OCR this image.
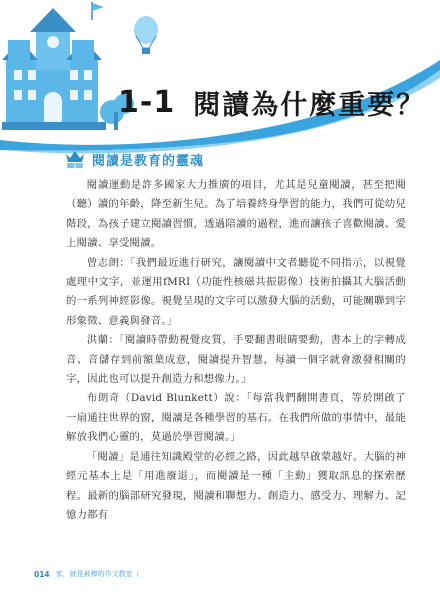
1-1 閱讀為什麼重要？
閱讀是教育的靈魂

閱讀運動是許多國家大力推廣的項目，尤其是兒童閱讀，甚至把閱（聽）讀的年齡，降至新生兒。為了培養終身學習的能力，我們可從幼兒階段，為孩子建立閱讀習慣，透過陪讀的過程，進而讓孩子喜歡閱讀、愛上閱讀、享受閱讀。

曾志朗：「我們最近進行研究，讓閱讀中文者聽從不同指示，以視覺處理中文字，並運用fMRI（功能性核磁共振影像）技術拍攝其大腦活動的一系列神經影像。視覺呈現的文字可以激發大腦的活動，可能關聯到字形象徵、意義與發音。」

洪蘭：「閱讀時帶動視覺皮質，手要翻書眼睛要動，書本上的字轉成音、音儲存到前額葉成意，閱讀提升智慧，每讀一個字就會激發相關的字，因此也可以提升創造力和想像力。」

布朗奇（David Blunkett）說：「每當我們翻開書頁，等於開啟了一扇通往世界的窗，閱讀是各種學習的基石。在我們所做的事情中，最能解放我們心靈的，莫過於學習閱讀。」

「閱讀」是通往知識殿堂的必經之路，因此越早啟蒙越好。大腦的神經元基本上是「用進廢退」，而閱讀是一種「主動」獲取訊息的探索歷程。最新的腦部研究發現，閱讀和聯想力、創造力、感受力、理解力、記憶力都有

014 家，就是最棒的作文教室（
